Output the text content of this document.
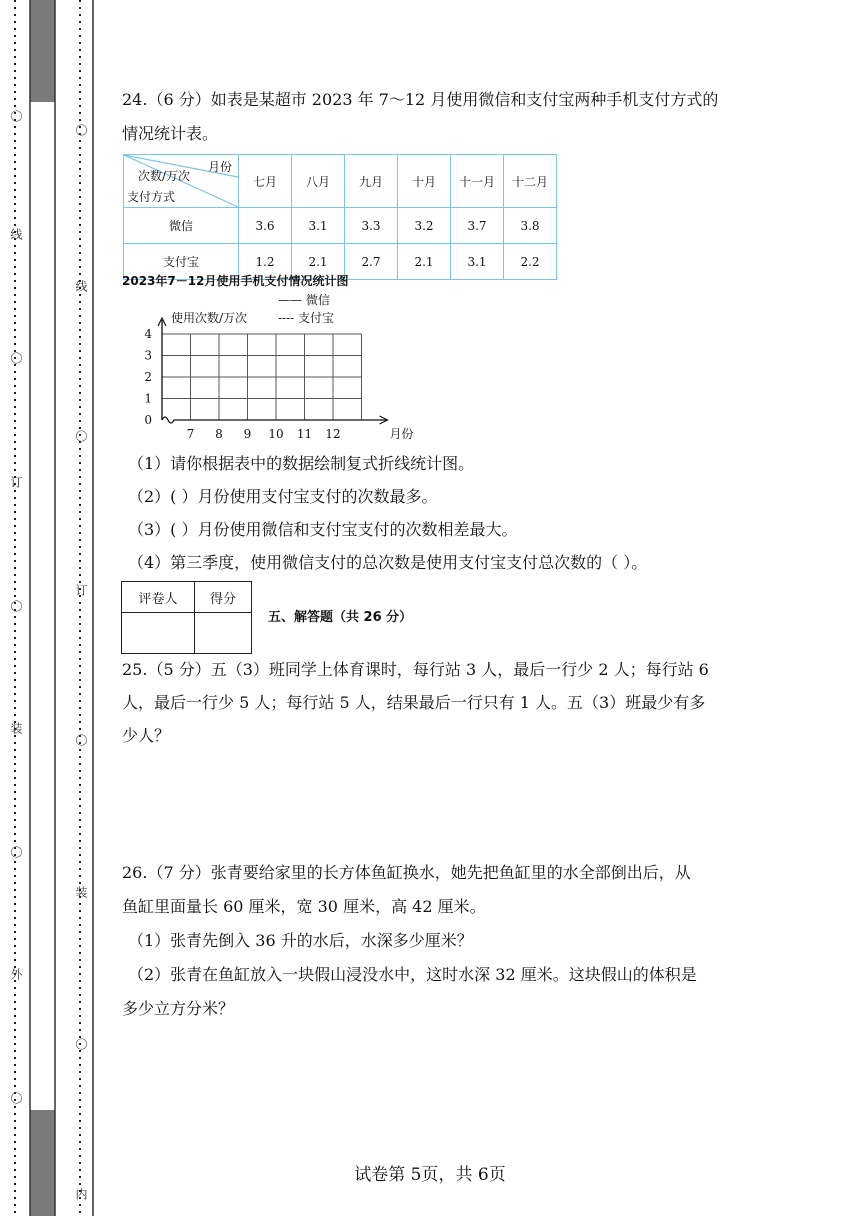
线
订
外
〇
〇
〇
〇
〇
线
订
装
装
内
〇
〇
〇
〇
24.（6 分）如表是某超市 2023 年 7～12 月使用微信和支付宝两种手机支付方式的
情况统计表。
月份
次数/万次
支付方式	七月	八月	九月	十月	十一月	十二月
微信	3.6	3.1	3.3	3.2	3.7	3.8
支付宝	1.2	2.1	2.7	2.1	3.1	2.2
2023年7－12月使用手机支付情况统计图
4
3
2
1
0
7 8 9 10 11 12	月份
使用次数/万次
—— 微信
---- 支付宝
（1）请你根据表中的数据绘制复式折线统计图。
（2）( ）月份使用支付宝支付的次数最多。
（3）( ）月份使用微信和支付宝支付的次数相差最大。
（4）第三季度，使用微信支付的总次数是使用支付宝支付总次数的（ ）。
评卷人	得分

五、解答题（共 26 分）
25.（5 分）五（3）班同学上体育课时，每行站 3 人，最后一行少 2 人；每行站 6
人，最后一行少 5 人；每行站 5 人，结果最后一行只有 1 人。五（3）班最少有多
少人？
26.（7 分）张青要给家里的长方体鱼缸换水，她先把鱼缸里的水全部倒出后，从
鱼缸里面量长 60 厘米，宽 30 厘米，高 42 厘米。
（1）张青先倒入 36 升的水后，水深多少厘米？
（2）张青在鱼缸放入一块假山浸没水中，这时水深 32 厘米。这块假山的体积是
多少立方分米？
试卷第 5页，共 6页
